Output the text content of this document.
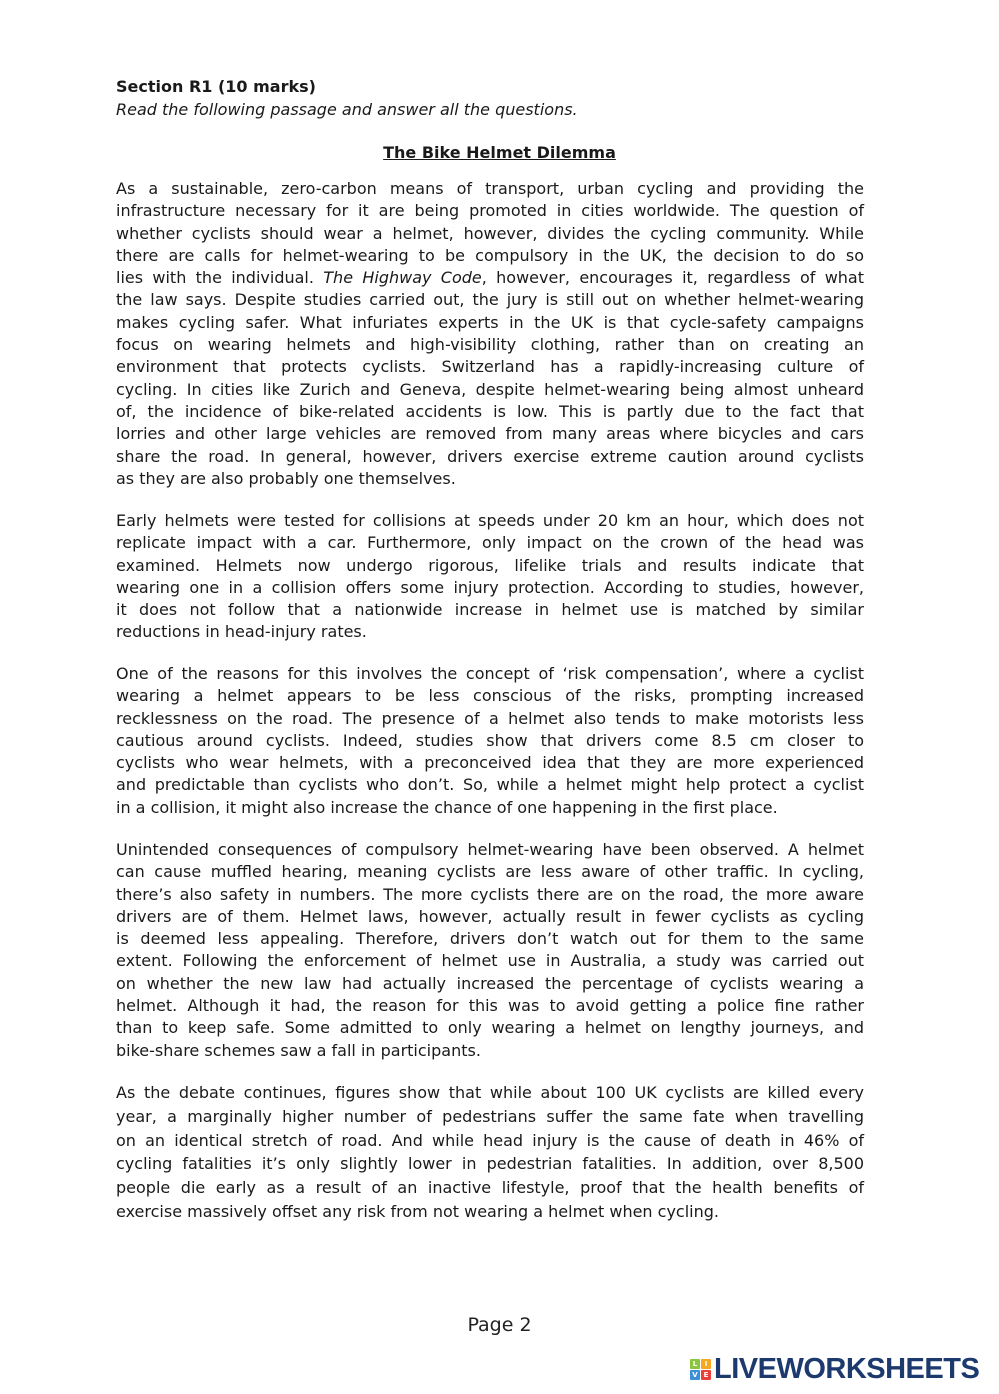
Section R1 (10 marks)
Read the following passage and answer all the questions.
The Bike Helmet Dilemma
As a sustainable, zero-carbon means of transport, urban cycling and providing the
infrastructure necessary for it are being promoted in cities worldwide. The question of
whether cyclists should wear a helmet, however, divides the cycling community. While
there are calls for helmet-wearing to be compulsory in the UK, the decision to do so
lies with the individual. The Highway Code, however, encourages it, regardless of what
the law says. Despite studies carried out, the jury is still out on whether helmet-wearing
makes cycling safer. What infuriates experts in the UK is that cycle-safety campaigns
focus on wearing helmets and high-visibility clothing, rather than on creating an
environment that protects cyclists. Switzerland has a rapidly-increasing culture of
cycling. In cities like Zurich and Geneva, despite helmet-wearing being almost unheard
of, the incidence of bike-related accidents is low. This is partly due to the fact that
lorries and other large vehicles are removed from many areas where bicycles and cars
share the road. In general, however, drivers exercise extreme caution around cyclists
as they are also probably one themselves.
Early helmets were tested for collisions at speeds under 20 km an hour, which does not
replicate impact with a car. Furthermore, only impact on the crown of the head was
examined. Helmets now undergo rigorous, lifelike trials and results indicate that
wearing one in a collision offers some injury protection. According to studies, however,
it does not follow that a nationwide increase in helmet use is matched by similar
reductions in head-injury rates.
One of the reasons for this involves the concept of ‘risk compensation’, where a cyclist
wearing a helmet appears to be less conscious of the risks, prompting increased
recklessness on the road. The presence of a helmet also tends to make motorists less
cautious around cyclists. Indeed, studies show that drivers come 8.5 cm closer to
cyclists who wear helmets, with a preconceived idea that they are more experienced
and predictable than cyclists who don’t. So, while a helmet might help protect a cyclist
in a collision, it might also increase the chance of one happening in the first place.
Unintended consequences of compulsory helmet-wearing have been observed. A helmet
can cause muffled hearing, meaning cyclists are less aware of other traffic. In cycling,
there’s also safety in numbers. The more cyclists there are on the road, the more aware
drivers are of them. Helmet laws, however, actually result in fewer cyclists as cycling
is deemed less appealing. Therefore, drivers don’t watch out for them to the same
extent. Following the enforcement of helmet use in Australia, a study was carried out
on whether the new law had actually increased the percentage of cyclists wearing a
helmet. Although it had, the reason for this was to avoid getting a police fine rather
than to keep safe. Some admitted to only wearing a helmet on lengthy journeys, and
bike-share schemes saw a fall in participants.
As the debate continues, figures show that while about 100 UK cyclists are killed every
year, a marginally higher number of pedestrians suffer the same fate when travelling
on an identical stretch of road. And while head injury is the cause of death in 46% of
cycling fatalities it’s only slightly lower in pedestrian fatalities. In addition, over 8,500
people die early as a result of an inactive lifestyle, proof that the health benefits of
exercise massively offset any risk from not wearing a helmet when cycling.
Page 2
L	I
V E LIVEWORKSHEETS
